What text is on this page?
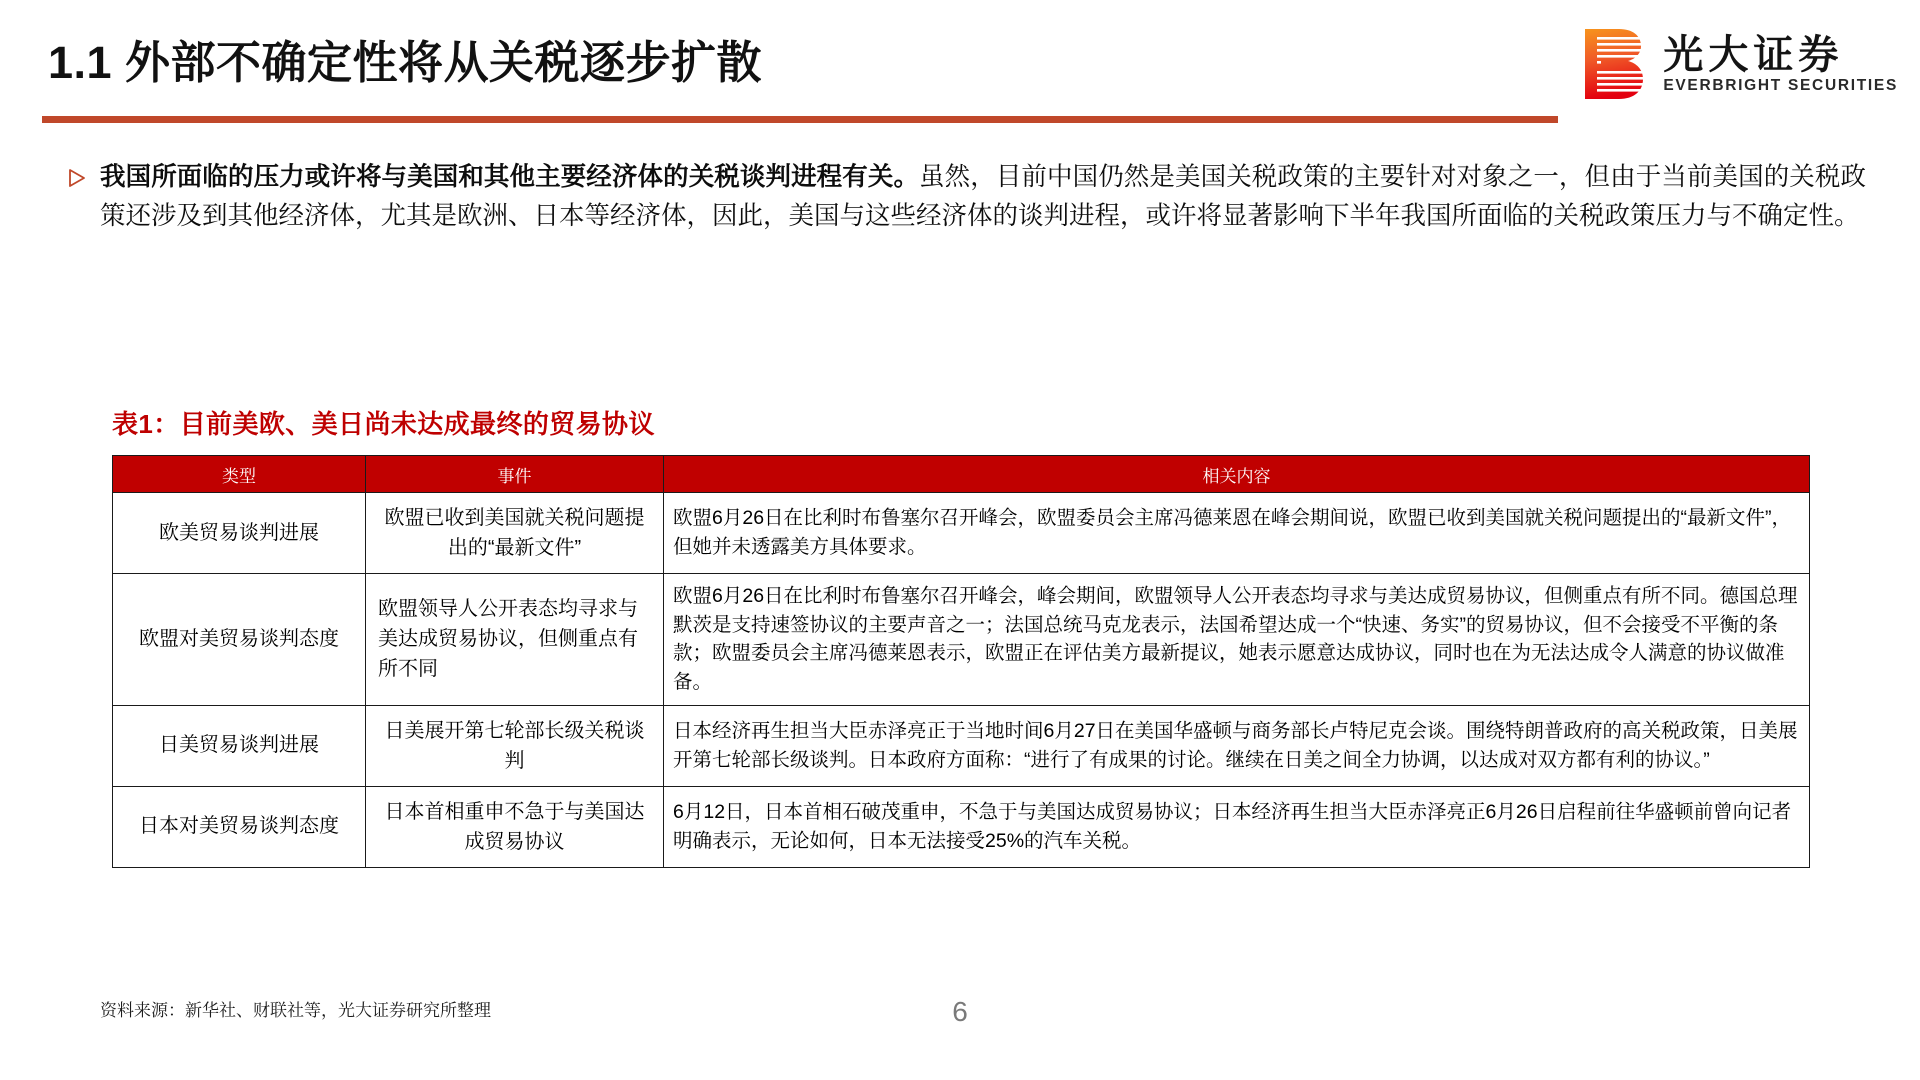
1.1 外部不确定性将从关税逐步扩散	光大证券
EVERBRIGHT SECURITIES
我国所面临的压力或许将与美国和其他主要经济体的关税谈判进程有关。虽然，目前中国仍然是美国关税政策的主要针对对象之一，但由于当前美国的关税政策还涉及到其他经济体，尤其是欧洲、日本等经济体，因此，美国与这些经济体的谈判进程，或许将显著影响下半年我国所面临的关税政策压力与不确定性。
表1：目前美欧、美日尚未达成最终的贸易协议
类型	事件	相关内容
欧美贸易谈判进展	欧盟已收到美国就关税问题提出的“最新文件”	欧盟6月26日在比利时布鲁塞尔召开峰会，欧盟委员会主席冯德莱恩在峰会期间说，欧盟已收到美国就关税问题提出的“最新文件”，但她并未透露美方具体要求。
欧盟对美贸易谈判态度	欧盟领导人公开表态均寻求与美达成贸易协议，但侧重点有所不同	欧盟6月26日在比利时布鲁塞尔召开峰会，峰会期间，欧盟领导人公开表态均寻求与美达成贸易协议，但侧重点有所不同。德国总理默茨是支持速签协议的主要声音之一；法国总统马克龙表示，法国希望达成一个“快速、务实”的贸易协议，但不会接受不平衡的条款；欧盟委员会主席冯德莱恩表示，欧盟正在评估美方最新提议，她表示愿意达成协议，同时也在为无法达成令人满意的协议做准备。
日美贸易谈判进展	日美展开第七轮部长级关税谈判	日本经济再生担当大臣赤泽亮正于当地时间6月27日在美国华盛顿与商务部长卢特尼克会谈。围绕特朗普政府的高关税政策，日美展开第七轮部长级谈判。日本政府方面称：“进行了有成果的讨论。继续在日美之间全力协调，以达成对双方都有利的协议。”
日本对美贸易谈判态度	日本首相重申不急于与美国达成贸易协议	6月12日，日本首相石破茂重申，不急于与美国达成贸易协议；日本经济再生担当大臣赤泽亮正6月26日启程前往华盛顿前曾向记者明确表示，无论如何，日本无法接受25%的汽车关税。
资料来源：新华社、财联社等，光大证券研究所整理	6
